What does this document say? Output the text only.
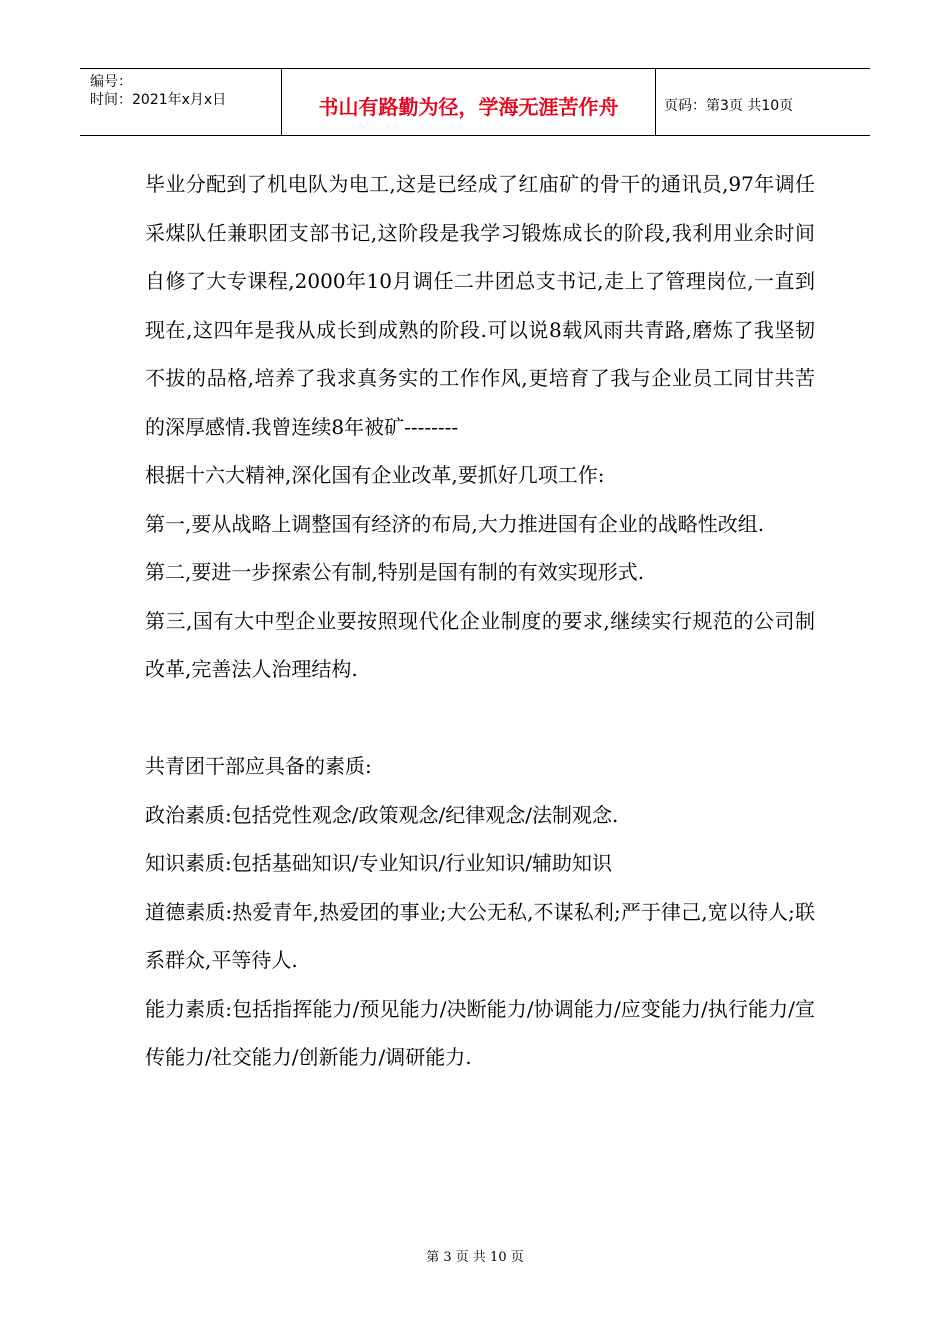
编号：
时间：2021年x月x日	书山有路勤为径，学海无涯苦作舟	页码：第3页 共10页

毕业分配到了机电队为电工,这是已经成了红庙矿的骨干的通讯员,97年调任采煤队任兼职团支部书记,这阶段是我学习锻炼成长的阶段,我利用业余时间自修了大专课程,2000年10月调任二井团总支书记,走上了管理岗位,一直到现在,这四年是我从成长到成熟的阶段.可以说8载风雨共青路,磨炼了我坚韧不拔的品格,培养了我求真务实的工作作风,更培育了我与企业员工同甘共苦的深厚感情.我曾连续8年被矿--------

根据十六大精神,深化国有企业改革,要抓好几项工作:

第一,要从战略上调整国有经济的布局,大力推进国有企业的战略性改组.

第二,要进一步探索公有制,特别是国有制的有效实现形式.

第三,国有大中型企业要按照现代化企业制度的要求,继续实行规范的公司制改革,完善法人治理结构.

共青团干部应具备的素质:

政治素质:包括党性观念/政策观念/纪律观念/法制观念.

知识素质:包括基础知识/专业知识/行业知识/辅助知识

道德素质:热爱青年,热爱团的事业;大公无私,不谋私利;严于律己,宽以待人;联系群众,平等待人.

能力素质:包括指挥能力/预见能力/决断能力/协调能力/应变能力/执行能力/宣传能力/社交能力/创新能力/调研能力.

第 3 页 共 10 页
